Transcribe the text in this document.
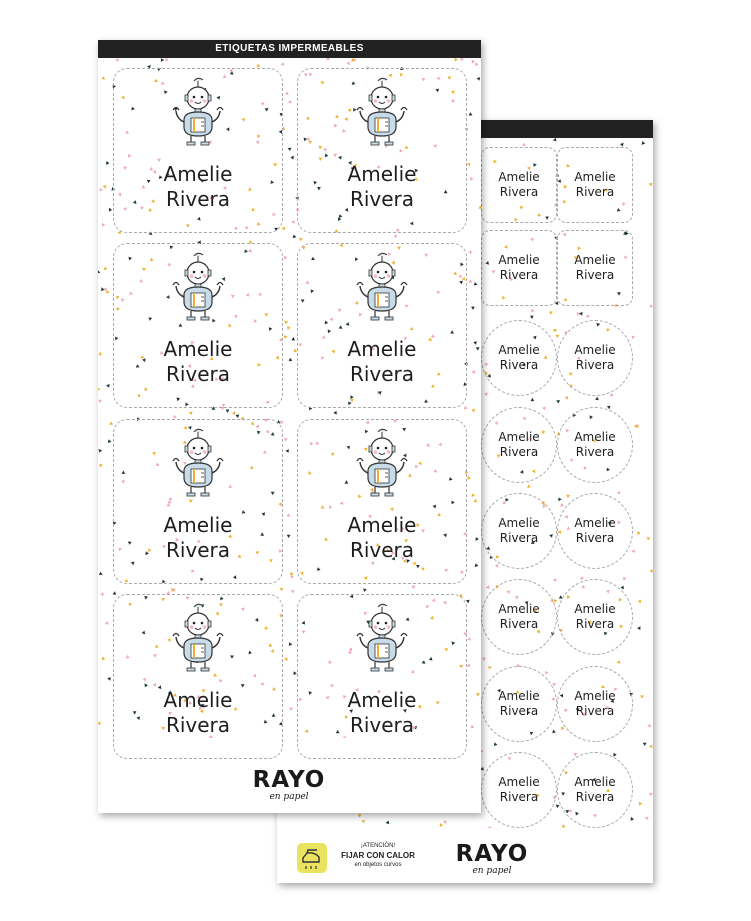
Amelie
Rivera
Amelie
Rivera
Amelie
Rivera
Amelie
Rivera
Amelie
Rivera
Amelie
Rivera
Amelie
Rivera
Amelie
Rivera
Amelie
Rivera
Amelie
Rivera
Amelie
Rivera
Amelie
Rivera
Amelie
Rivera
Amelie
Rivera
Amelie
Rivera
Amelie
Rivera
¡ATENCIÓN!
FIJAR CON CALOR
en objetos curvos	RAYO
en papel
ETIQUETAS IMPERMEABLES
Amelie
Rivera
Amelie
Rivera
Amelie
Rivera
Amelie
Rivera
Amelie
Rivera
Amelie
Rivera
Amelie
Rivera
Amelie
Rivera
RAYO
en papel
